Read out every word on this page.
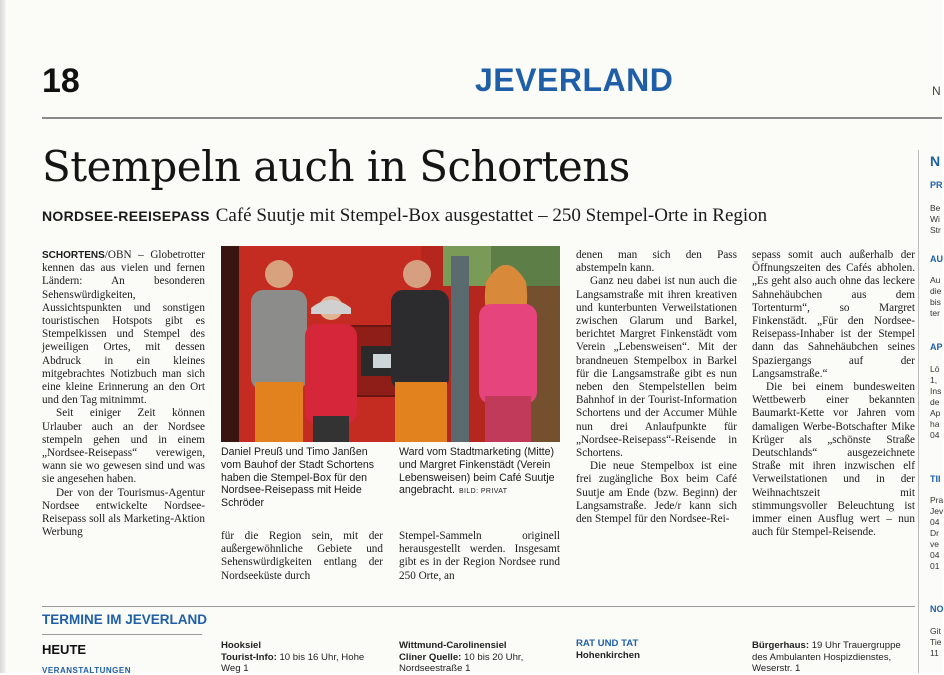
18	JEVERLAND	N
Stempeln auch in Schortens
NORDSEE-REEISEPASS Café Suutje mit Stempel-Box ausgestattet – 250 Stempel-Orte in Region

SCHORTENS/OBN – Globetrotter kennen das aus vielen und fernen Ländern: An besonderen Sehenswürdigkeiten, Aussichtspunkten und sonstigen touristischen Hotspots gibt es Stempelkissen und Stempel des jeweiligen Ortes, mit dessen Abdruck in ein kleines mitgebrachtes Notizbuch man sich eine kleine Erinnerung an den Ort und den Tag mitnimmt.

Seit einiger Zeit können Urlauber auch an der Nordsee stempeln gehen und in einem „Nordsee-Reisepass“ verewigen, wann sie wo gewesen sind und was sie angesehen haben.

Der von der Tourismus-Agentur Nordsee entwickelte Nordsee-Reisepass soll als Marketing-Aktion Werbung

Daniel Preuß und Timo Janßen vom Bauhof der Stadt Schortens haben die Stempel-Box für den Nordsee-Reisepass mit Heide Schröder
Ward vom Stadtmarketing (Mitte) und Margret Finkenstädt (Verein Lebensweisen) beim Café Suutje angebracht. BILD: PRIVAT

für die Region sein, mit der außergewöhnliche Gebiete und Sehenswürdigkeiten entlang der Nordseeküste durch

Stempel-Sammeln originell herausgestellt werden. Insgesamt gibt es in der Region Nordsee rund 250 Orte, an

denen man sich den Pass abstempeln kann.

Ganz neu dabei ist nun auch die Langsamstraße mit ihren kreativen und kunterbunten Verweilstationen zwischen Glarum und Barkel, berichtet Margret Finkenstädt vom Verein „Lebensweisen“. Mit der brandneuen Stempelbox in Barkel für die Langsamstraße gibt es nun neben den Stempelstellen beim Bahnhof in der Tourist-Information Schortens und der Accumer Mühle nun drei Anlaufpunkte für „Nordsee-Reisepass“-Reisende in Schortens.

Die neue Stempelbox ist eine frei zugängliche Box beim Café Suutje am Ende (bzw. Beginn) der Langsamstraße. Jede/r kann sich den Stempel für den Nordsee-Rei-

sepass somit auch außerhalb der Öffnungszeiten des Cafés abholen. „Es geht also auch ohne das leckere Sahnehäubchen aus dem Tortenturm“, so Margret Finkenstädt. „Für den Nordsee-Reisepass-Inhaber ist der Stempel dann das Sahnehäubchen seines Spaziergangs auf der Langsamstraße.“

Die bei einem bundesweiten Wettbewerb einer bekannten Baumarkt-Kette vor Jahren vom damaligen Werbe-Botschafter Mike Krüger als „schönste Straße Deutschlands“ ausgezeichnete Straße mit ihren inzwischen elf Verweilstationen und in der Weihnachtszeit mit stimmungsvoller Beleuchtung ist immer einen Ausflug wert – nun auch für Stempel-Reisende.

N
PR
Be
Wi
Str
AU
Au
die
bis
ter
AP
Lö
1,
Ins
de
Ap
ha
04
TII
Pra
Jev
04
Dr
ve
04
01
NO
Git
Tie
11
TERMINE IM JEVERLAND
HEUTE
VERANSTALTUNGEN
Hooksiel
Tourist-Info: 10 bis 16 Uhr, Hohe Weg 1
Wittmund-Carolinensiel
Cliner Quelle: 10 bis 20 Uhr, Nordseestraße 1
RAT UND TAT
Hohenkirchen
Bürgerhaus: 19 Uhr Trauergruppe des Ambulanten Hospizdienstes, Weserstr. 1
